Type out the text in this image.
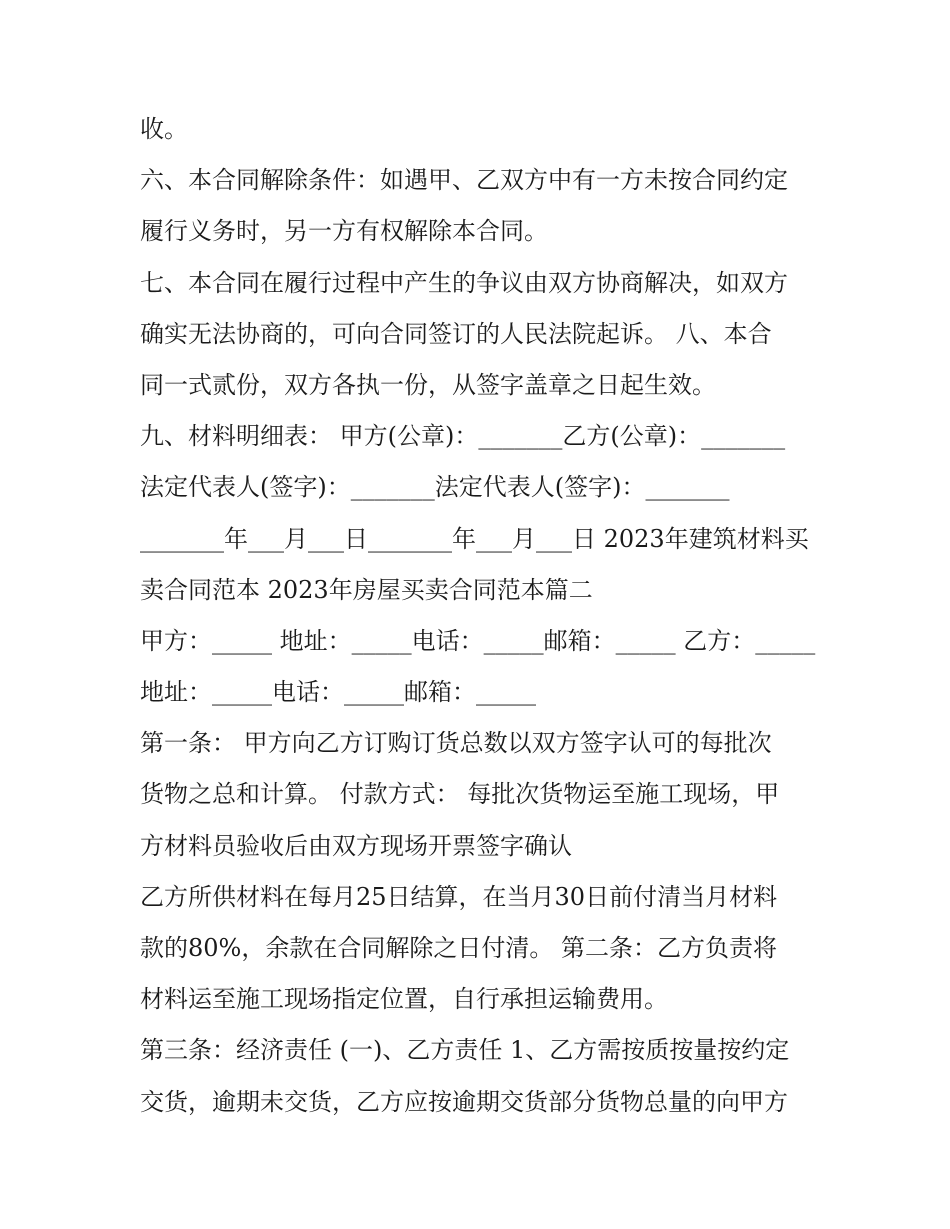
收。
六、本合同解除条件：如遇甲、乙双方中有一方未按合同约定
履行义务时，另一方有权解除本合同。
七、本合同在履行过程中产生的争议由双方协商解决，如双方
确实无法协商的，可向合同签订的人民法院起诉。 八、本合
同一式贰份，双方各执一份，从签字盖章之日起生效。
九、材料明细表： 甲方(公章)：_______乙方(公章)：_______
法定代表人(签字)：_______法定代表人(签字)：_______
_______年___月___日_______年___月___日 2023年建筑材料买
卖合同范本 2023年房屋买卖合同范本篇二
甲方：_____ 地址：_____电话：_____邮箱：_____ 乙方：_____
地址：_____电话：_____邮箱：_____
第一条： 甲方向乙方订购订货总数以双方签字认可的每批次
货物之总和计算。 付款方式： 每批次货物运至施工现场，甲
方材料员验收后由双方现场开票签字确认
乙方所供材料在每月25日结算，在当月30日前付清当月材料
款的80%，余款在合同解除之日付清。 第二条：乙方负责将
材料运至施工现场指定位置，自行承担运输费用。
第三条：经济责任 (一)、乙方责任 1、乙方需按质按量按约定
交货，逾期未交货，乙方应按逾期交货部分货物总量的向甲方
